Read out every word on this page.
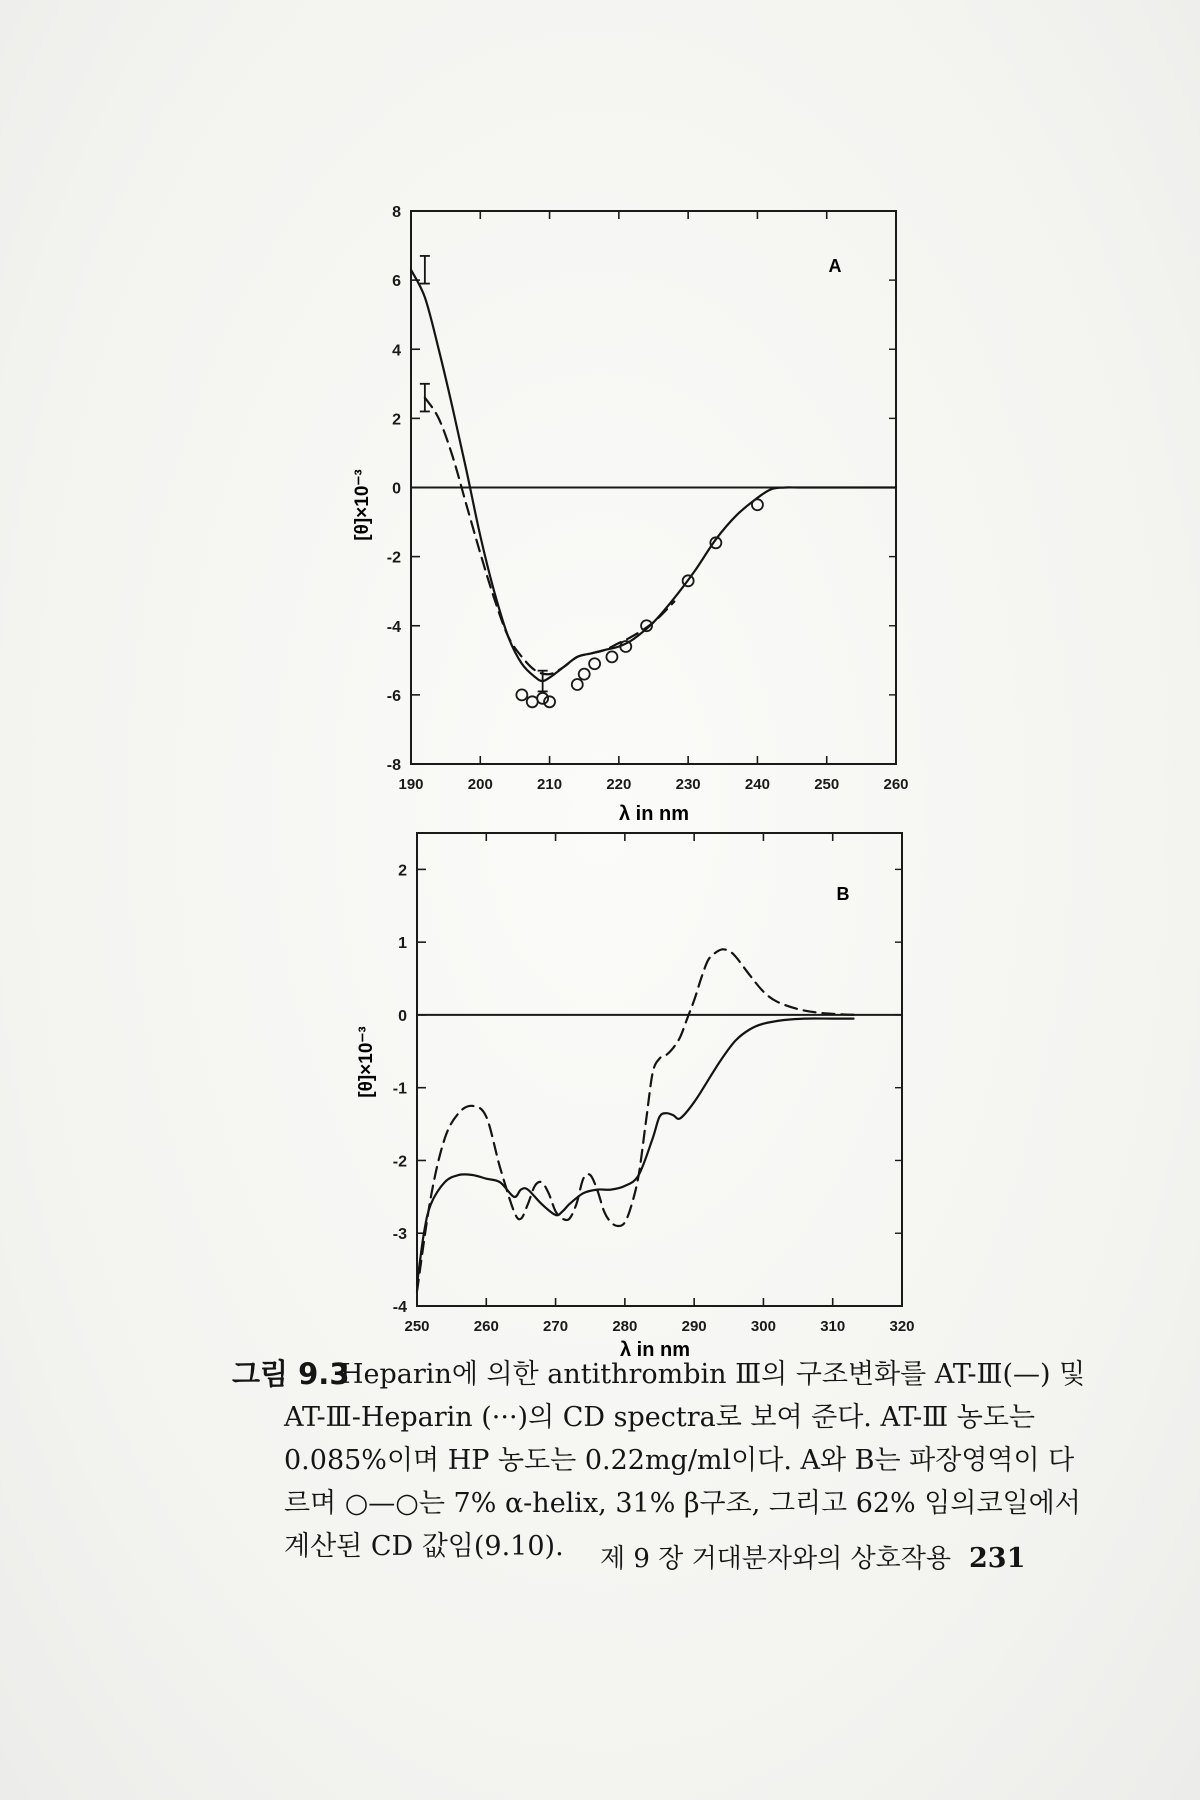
A
λ in nm
[θ]×10⁻³
190	200	210	220	230	240	250	260
8
6
4
2
0
-2
-4
-6
-8
B
λ in nm
[θ]×10⁻³
250	260	270	280	290	300	310	320
2
1
0
-1
-2
-3
-4
그림 9.3
Heparin에 의한 antithrombin Ⅲ의 구조변화를 AT-Ⅲ(—) 및
AT-Ⅲ-Heparin (···)의 CD spectra로 보여 준다. AT-Ⅲ 농도는
0.085%이며 HP 농도는 0.22mg/ml이다. A와 B는 파장영역이 다
르며 ○—○는 7% α-helix, 31% β구조, 그리고 62% 임의코일에서
계산된 CD 값임(9.10).	제 9 장 거대분자와의 상호작용 231
